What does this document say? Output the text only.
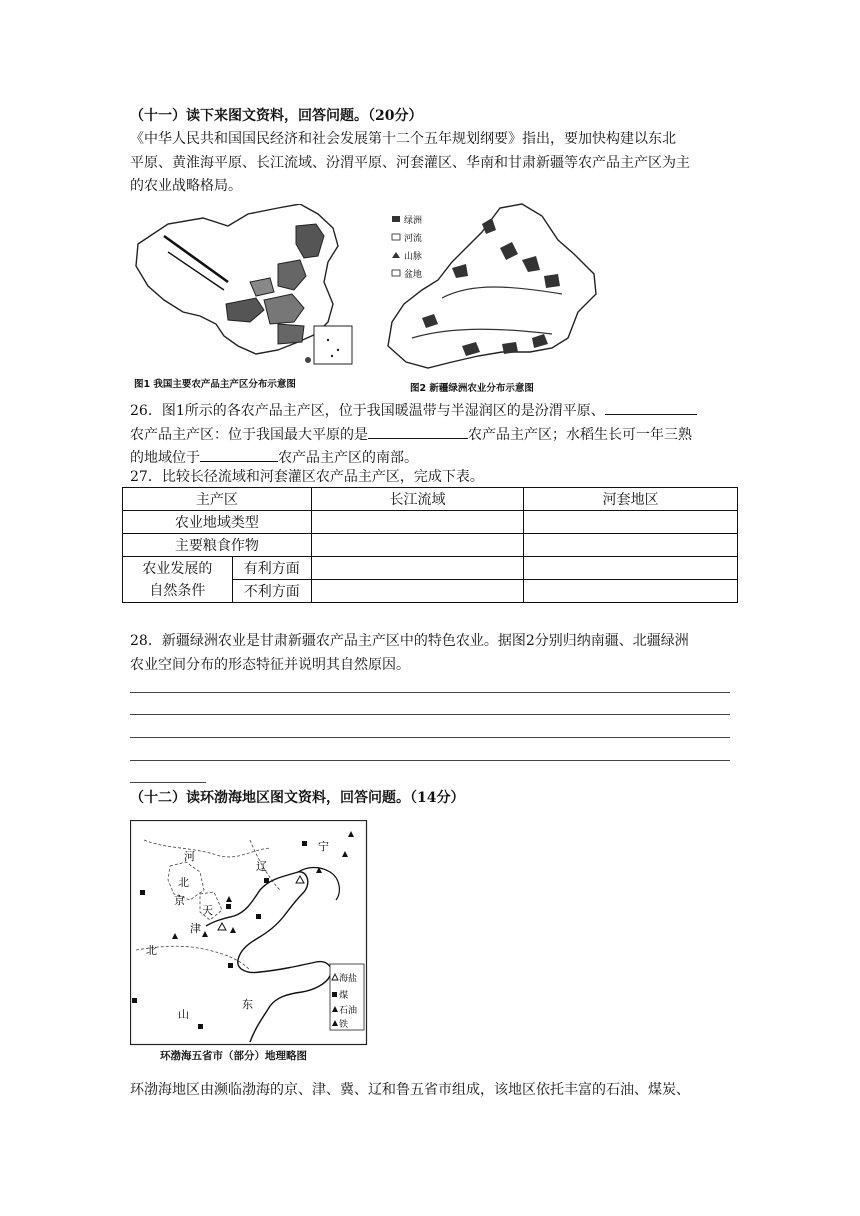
（十一）读下来图文资料，回答问题。（20分）
《中华人民共和国国民经济和社会发展第十二个五年规划纲要》指出，要加快构建以东北
平原、黄淮海平原、长江流域、汾渭平原、河套灌区、华南和甘肃新疆等农产品主产区为主
的农业战略格局。
图1 我国主要农产品主产区分布示意图
绿洲
河流
山脉
盆地
图2 新疆绿洲农业分布示意图
26．图1所示的各农产品主产区，位于我国暖温带与半湿润区的是汾渭平原、
农产品主产区：位于我国最大平原的是	农产品主产区；水稻生长可一年三熟
的地域位于	农产品主产区的南部。
27．比较长径流域和河套灌区农产品主产区，完成下表。
主产区		长江流域	河套地区
农业地域类型			
主要粮食作物			
农业发展的
自然条件	有利方面		
	不利方面		
28．新疆绿洲农业是甘肃新疆农产品主产区中的特色农业。据图2分别归纳南疆、北疆绿洲
农业空间分布的形态特征并说明其自然原因。
（十二）读环渤海地区图文资料，回答问题。（14分）
河
北
京
天
津
北
辽
宁
山
东
海盐
煤
石油
铁
环渤海五省市（部分）地理略图
环渤海地区由濒临渤海的京、津、冀、辽和鲁五省市组成，该地区依托丰富的石油、煤炭、
